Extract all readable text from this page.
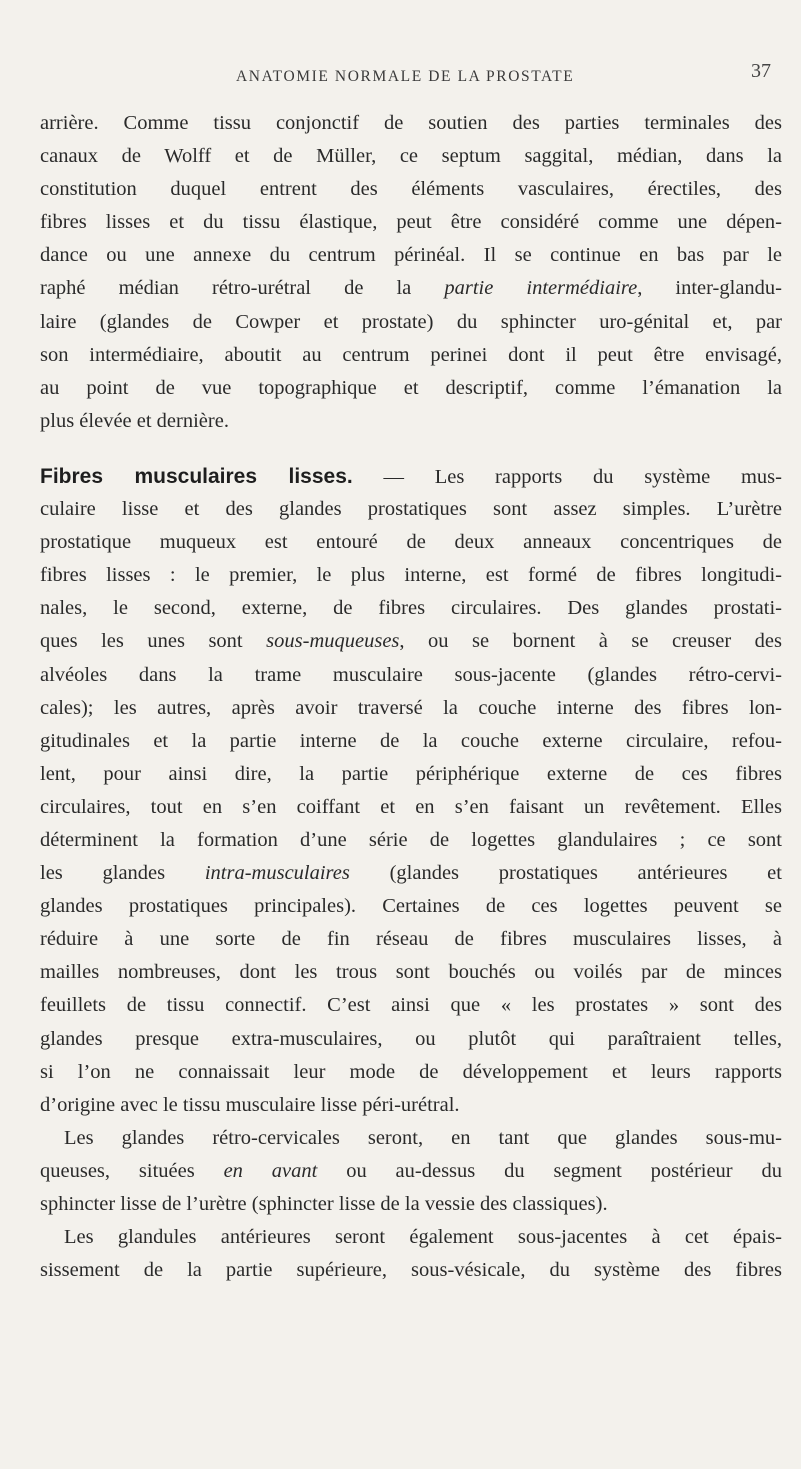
ANATOMIE NORMALE DE LA PROSTATE	37
arrière. Comme tissu conjonctif de soutien des parties terminales des
canaux de Wolff et de Müller, ce septum saggital, médian, dans la
constitution duquel entrent des éléments vasculaires, érectiles, des
fibres lisses et du tissu élastique, peut être considéré comme une dépen-
dance ou une annexe du centrum périnéal. Il se continue en bas par le
raphé médian rétro-urétral de la partie intermédiaire, inter-glandu-
laire (glandes de Cowper et prostate) du sphincter uro-génital et, par
son intermédiaire, aboutit au centrum perinei dont il peut être envisagé,
au point de vue topographique et descriptif, comme l’émanation la
plus élevée et dernière.
Fibres musculaires lisses. — Les rapports du système mus-
culaire lisse et des glandes prostatiques sont assez simples. L’urètre
prostatique muqueux est entouré de deux anneaux concentriques de
fibres lisses : le premier, le plus interne, est formé de fibres longitudi-
nales, le second, externe, de fibres circulaires. Des glandes prostati-
ques les unes sont sous-muqueuses, ou se bornent à se creuser des
alvéoles dans la trame musculaire sous-jacente (glandes rétro-cervi-
cales); les autres, après avoir traversé la couche interne des fibres lon-
gitudinales et la partie interne de la couche externe circulaire, refou-
lent, pour ainsi dire, la partie périphérique externe de ces fibres
circulaires, tout en s’en coiffant et en s’en faisant un revêtement. Elles
déterminent la formation d’une série de logettes glandulaires ; ce sont
les glandes intra-musculaires (glandes prostatiques antérieures et
glandes prostatiques principales). Certaines de ces logettes peuvent se
réduire à une sorte de fin réseau de fibres musculaires lisses, à
mailles nombreuses, dont les trous sont bouchés ou voilés par de minces
feuillets de tissu connectif. C’est ainsi que « les prostates » sont des
glandes presque extra-musculaires, ou plutôt qui paraîtraient telles,
si l’on ne connaissait leur mode de développement et leurs rapports
d’origine avec le tissu musculaire lisse péri-urétral.
Les glandes rétro-cervicales seront, en tant que glandes sous-mu-
queuses, situées en avant ou au-dessus du segment postérieur du
sphincter lisse de l’urètre (sphincter lisse de la vessie des classiques).
Les glandules antérieures seront également sous-jacentes à cet épais-
sissement de la partie supérieure, sous-vésicale, du système des fibres
